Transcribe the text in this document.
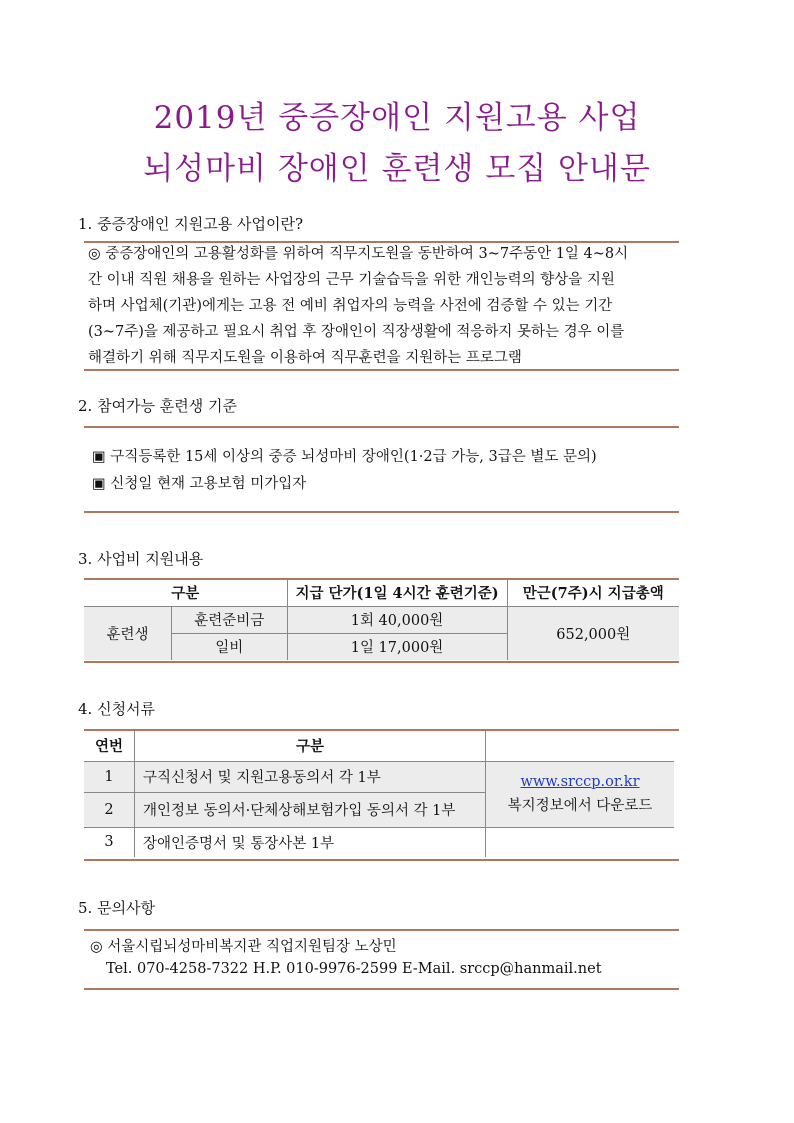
2019년 중증장애인 지원고용 사업
뇌성마비 장애인 훈련생 모집 안내문
1. 중증장애인 지원고용 사업이란?
◎ 중증장애인의 고용활성화를 위하여 직무지도원을 동반하여 3~7주동안 1일 4~8시
간 이내 직원 채용을 원하는 사업장의 근무 기술습득을 위한 개인능력의 향상을 지원
하며 사업체(기관)에게는 고용 전 예비 취업자의 능력을 사전에 검증할 수 있는 기간
(3~7주)을 제공하고 필요시 취업 후 장애인이 직장생활에 적응하지 못하는 경우 이를
해결하기 위해 직무지도원을 이용하여 직무훈련을 지원하는 프로그램
2. 참여가능 훈련생 기준
▣ 구직등록한 15세 이상의 중증 뇌성마비 장애인(1·2급 가능, 3급은 별도 문의)
▣ 신청일 현재 고용보험 미가입자
3. 사업비 지원내용
구분		지급 단가(1일 4시간 훈련기준)	만근(7주)시 지급총액
훈련생	훈련준비금	1회 40,000원	652,000원
	일비	1일 17,000원	
4. 신청서류
연번	구분	
1	구직신청서 및 지원고용동의서 각 1부	www.srccp.or.kr
복지정보에서 다운로드

2	개인정보 동의서·단체상해보험가입 동의서 각 1부	
3	장애인증명서 및 통장사본 1부	
5. 문의사항
◎ 서울시립뇌성마비복지관 직업지원팀장 노상민
Tel. 070-4258-7322 H.P. 010-9976-2599 E-Mail. srccp@hanmail.net
